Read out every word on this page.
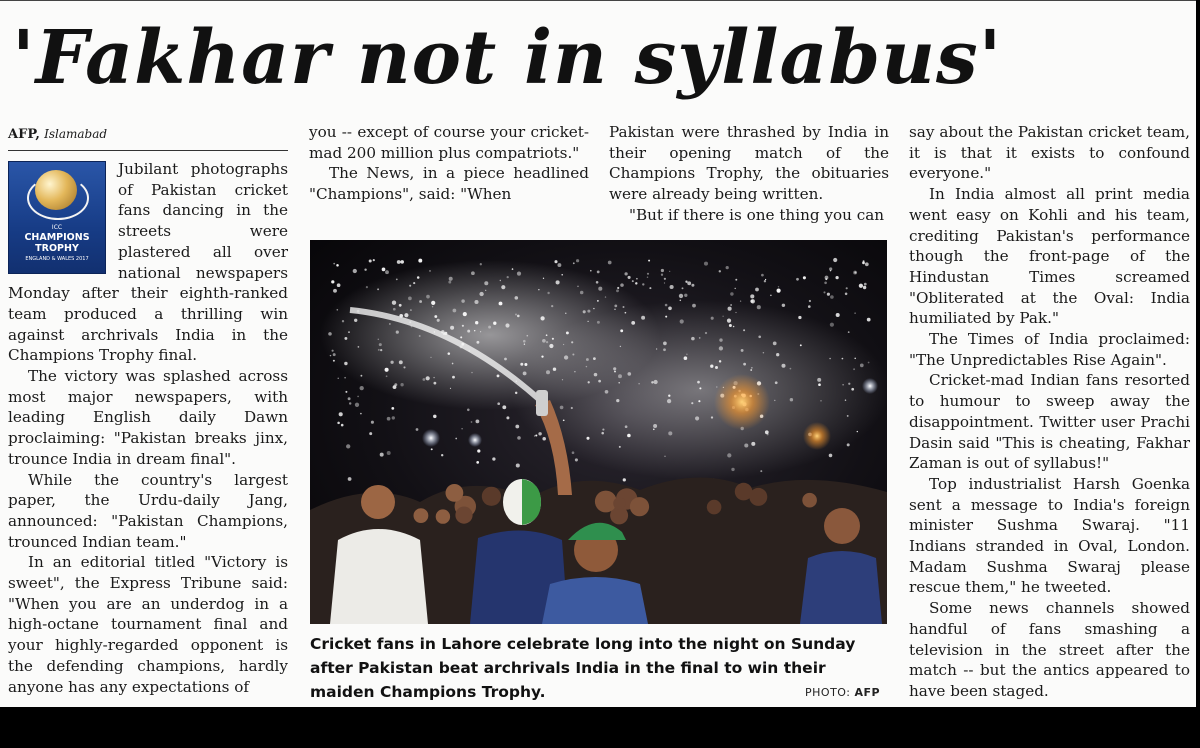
'Fakhar not in syllabus'
AFP, Islamabad
ICC
CHAMPIONS
TROPHY
ENGLAND & WALES 2017

Jubilant photographs of Pakistan cricket fans dancing in the streets were plastered all over national newspapers Monday after their eighth-ranked team produced a thrilling win against archrivals India in the Champions Trophy final.

The victory was splashed across most major newspapers, with leading English daily Dawn proclaiming: "Pakistan breaks jinx, trounce India in dream final".

While the country's largest paper, the Urdu-daily Jang, announced: "Pakistan Champions, trounced Indian team."

In an editorial titled "Victory is sweet", the Express Tribune said: "When you are an underdog in a high-octane tournament final and your highly-regarded opponent is the defending champions, hardly anyone has any expectations of

you -- except of course your cricket-mad 200 million plus compatriots."

The News, in a piece headlined "Champions", said: "When

Pakistan were thrashed by India in their opening match of the Champions Trophy, the obituaries were already being written.

"But if there is one thing you can

say about the Pakistan cricket team, it is that it exists to confound everyone."

In India almost all print media went easy on Kohli and his team, crediting Pakistan's performance though the front-page of the Hindustan Times screamed "Obliterated at the Oval: India humiliated by Pak."

The Times of India proclaimed: "The Unpredictables Rise Again".

Cricket-mad Indian fans resorted to humour to sweep away the disappointment. Twitter user Prachi Dasin said "This is cheating, Fakhar Zaman is out of syllabus!"

Top industrialist Harsh Goenka sent a message to India's foreign minister Sushma Swaraj. "11 Indians stranded in Oval, London. Madam Sushma Swaraj please rescue them," he tweeted.

Some news channels showed handful of fans smashing a television in the street after the match -- but the antics appeared to have been staged.

Cricket fans in Lahore celebrate long into the night on Sunday after Pakistan beat archrivals India in the final to win their maiden Champions Trophy.	PHOTO: AFP
